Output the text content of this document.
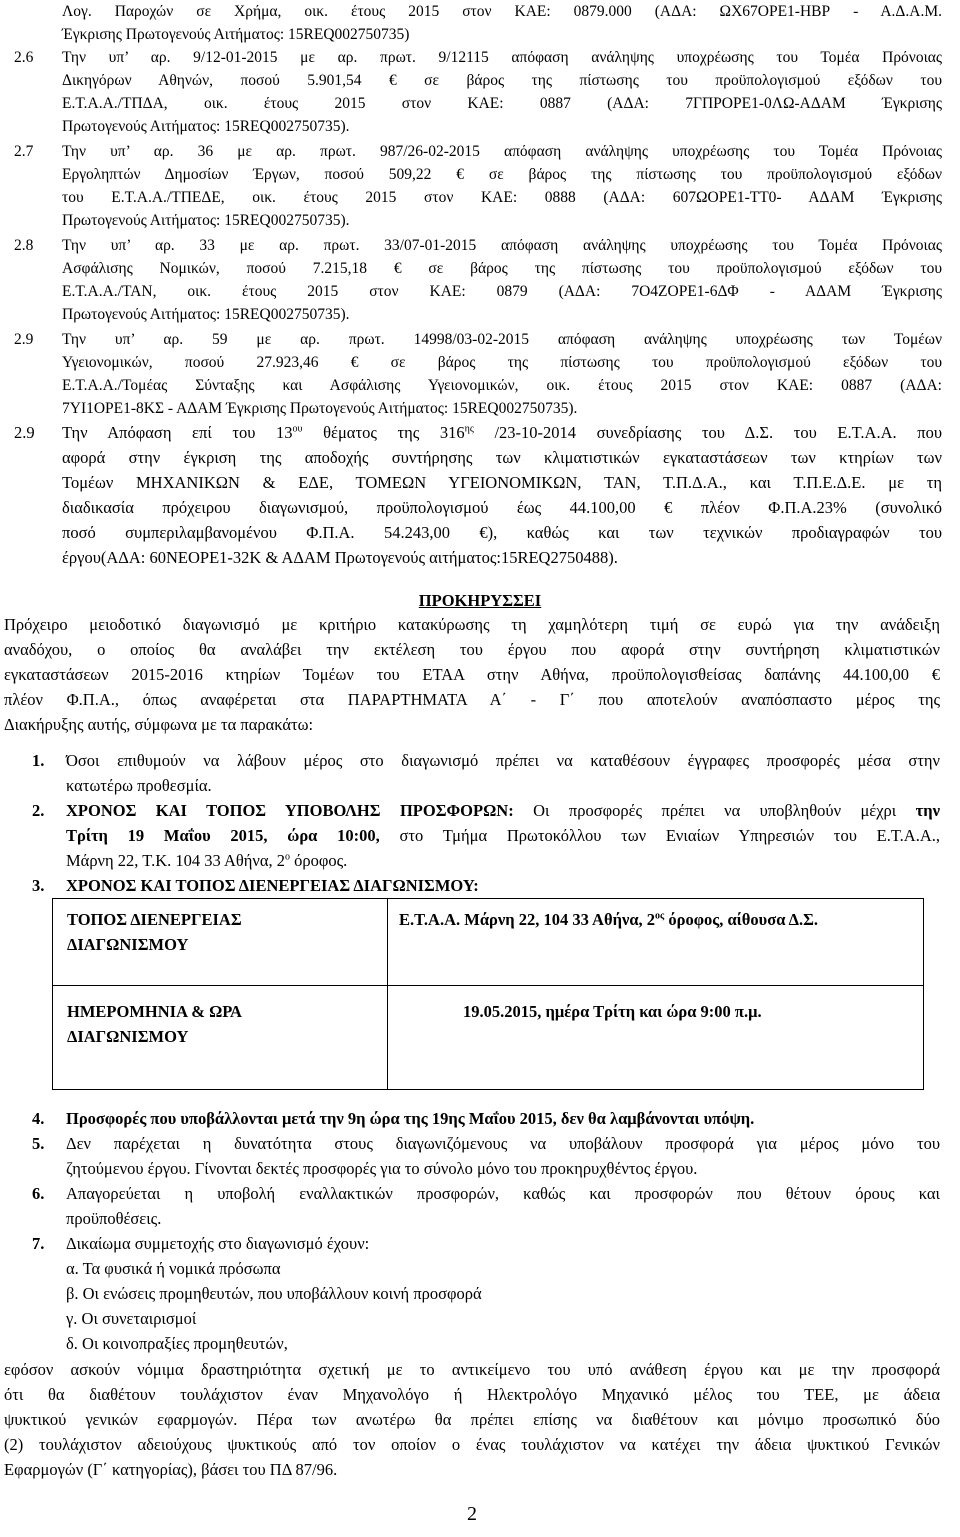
Λογ. Παροχών σε Χρήμα, οικ. έτους 2015 στον ΚΑΕ: 0879.000 (ΑΔΑ: ΩΧ67ΟΡΕ1-ΗΒΡ - Α.Δ.Α.Μ.
Έγκρισης Πρωτογενούς Αιτήματος: 15REQ002750735)
2.6 Την υπ’ αρ. 9/12-01-2015 με αρ. πρωτ. 9/12115 απόφαση ανάληψης υποχρέωσης του Τομέα Πρόνοιας
Δικηγόρων Αθηνών, ποσού 5.901,54 € σε βάρος της πίστωσης του προϋπολογισμού εξόδων του
Ε.Τ.Α.Α./ΤΠΔΑ, οικ. έτους 2015 στον ΚΑΕ: 0887 (ΑΔΑ: 7ΓΠΡΟΡΕ1-0ΛΩ-ΑΔΑΜ Έγκρισης
Πρωτογενούς Αιτήματος: 15REQ002750735).
2.7 Την υπ’ αρ. 36 με αρ. πρωτ. 987/26-02-2015 απόφαση ανάληψης υποχρέωσης του Τομέα Πρόνοιας
Εργοληπτών Δημοσίων Έργων, ποσού 509,22 € σε βάρος της πίστωσης του προϋπολογισμού εξόδων
του Ε.Τ.Α.Α./ΤΠΕΔΕ, οικ. έτους 2015 στον ΚΑΕ: 0888 (ΑΔΑ: 607ΩΟΡΕ1-ΤΤ0- ΑΔΑΜ Έγκρισης
Πρωτογενούς Αιτήματος: 15REQ002750735).
2.8 Την υπ’ αρ. 33 με αρ. πρωτ. 33/07-01-2015 απόφαση ανάληψης υποχρέωσης του Τομέα Πρόνοιας
Ασφάλισης Νομικών, ποσού 7.215,18 € σε βάρος της πίστωσης του προϋπολογισμού εξόδων του
Ε.Τ.Α.Α./ΤΑΝ, οικ. έτους 2015 στον ΚΑΕ: 0879 (ΑΔΑ: 7Ο4ΖΟΡΕ1-6ΔΦ - ΑΔΑΜ Έγκρισης
Πρωτογενούς Αιτήματος: 15REQ002750735).
2.9 Την υπ’ αρ. 59 με αρ. πρωτ. 14998/03-02-2015 απόφαση ανάληψης υποχρέωσης των Τομέων
Υγειονομικών, ποσού 27.923,46 € σε βάρος της πίστωσης του προϋπολογισμού εξόδων του
Ε.Τ.Α.Α./Τομέας Σύνταξης και Ασφάλισης Υγειονομικών, οικ. έτους 2015 στον ΚΑΕ: 0887 (ΑΔΑ:
7ΥΙ1ΟΡΕ1-8ΚΣ - ΑΔΑΜ Έγκρισης Πρωτογενούς Αιτήματος: 15REQ002750735).
2.9 Την Απόφαση επί του $13^{o\upsilon}$ θέματος της $316^{\eta\varsigma}$ /23-10-2014 συνεδρίασης του Δ.Σ. του Ε.Τ.Α.Α. που
αφορά στην έγκριση της αποδοχής συντήρησης των κλιματιστικών εγκαταστάσεων των κτηρίων των
Τομέων ΜΗΧΑΝΙΚΩΝ & ΕΔΕ, ΤΟΜΕΩΝ ΥΓΕΙΟΝΟΜΙΚΩΝ, ΤΑΝ, Τ.Π.Δ.Α., και Τ.Π.Ε.Δ.Ε. με τη
διαδικασία πρόχειρου διαγωνισμού, προϋπολογισμού έως 44.100,00 € πλέον Φ.Π.Α.23% (συνολικό
ποσό συμπεριλαμβανομένου Φ.Π.Α. 54.243,00 €), καθώς και των τεχνικών προδιαγραφών του
έργου(ΑΔΑ: 60ΝΕΟΡΕ1-32Κ & ΑΔΑΜ Πρωτογενούς αιτήματος:15REQ2750488).
ΠΡΟΚΗΡΥΣΣΕΙ
Πρόχειρο μειοδοτικό διαγωνισμό με κριτήριο κατακύρωσης τη χαμηλότερη τιμή σε ευρώ για την ανάδειξη
αναδόχου, ο οποίος θα αναλάβει την εκτέλεση του έργου που αφορά στην συντήρηση κλιματιστικών
εγκαταστάσεων 2015-2016 κτηρίων Τομέων του ΕΤΑΑ στην Αθήνα, προϋπολογισθείσας δαπάνης 44.100,00 €
πλέον Φ.Π.Α., όπως αναφέρεται στα ΠΑΡΑΡΤΗΜΑΤΑ Α΄ - Γ΄ που αποτελούν αναπόσπαστο μέρος της
Διακήρυξης αυτής, σύμφωνα με τα παρακάτω:
1. Όσοι επιθυμούν να λάβουν μέρος στο διαγωνισμό πρέπει να καταθέσουν έγγραφες προσφορές μέσα στην
κατωτέρω προθεσμία.
2. ΧΡΟΝΟΣ ΚΑΙ ΤΟΠΟΣ ΥΠΟΒΟΛΗΣ ΠΡΟΣΦΟΡΩΝ: Οι προσφορές πρέπει να υποβληθούν μέχρι την
Τρίτη 19 Μαΐου 2015, ώρα 10:00, στο Τμήμα Πρωτοκόλλου των Ενιαίων Υπηρεσιών του Ε.Τ.Α.Α.,
Μάρνη 22, Τ.Κ. 104 33 Αθήνα, $2^o$ όροφος.
3. ΧΡΟΝΟΣ ΚΑΙ ΤΟΠΟΣ ΔΙΕΝΕΡΓΕΙΑΣ ΔΙΑΓΩΝΙΣΜΟΥ:
ΤΟΠΟΣ ΔΙΕΝΕΡΓΕΙΑΣ
ΔΙΑΓΩΝΙΣΜΟΥ
Ε.Τ.Α.Α. Μάρνη 22, 104 33 Αθήνα, $2^{o\varsigma}$ όροφος, αίθουσα Δ.Σ.
ΗΜΕΡΟΜΗΝΙΑ & ΩΡΑ
ΔΙΑΓΩΝΙΣΜΟΥ
19.05.2015, ημέρα Τρίτη και ώρα 9:00 π.μ.
4. Προσφορές που υποβάλλονται μετά την 9η ώρα της 19ης Μαΐου 2015, δεν θα λαμβάνονται υπόψη.
5. Δεν παρέχεται η δυνατότητα στους διαγωνιζόμενους να υποβάλουν προσφορά για μέρος μόνο του
ζητούμενου έργου. Γίνονται δεκτές προσφορές για το σύνολο μόνο του προκηρυχθέντος έργου.
6. Απαγορεύεται η υποβολή εναλλακτικών προσφορών, καθώς και προσφορών που θέτουν όρους και
προϋποθέσεις.
7. Δικαίωμα συμμετοχής στο διαγωνισμό έχουν:
α. Τα φυσικά ή νομικά πρόσωπα
β. Οι ενώσεις προμηθευτών, που υποβάλλουν κοινή προσφορά
γ. Οι συνεταιρισμοί
δ. Οι κοινοπραξίες προμηθευτών,
εφόσον ασκούν νόμιμα δραστηριότητα σχετική με το αντικείμενο του υπό ανάθεση έργου και με την προσφορά
ότι θα διαθέτουν τουλάχιστον έναν Μηχανολόγο ή Ηλεκτρολόγο Μηχανικό μέλος του ΤΕΕ, με άδεια
ψυκτικού γενικών εφαρμογών. Πέρα των ανωτέρω θα πρέπει επίσης να διαθέτουν και μόνιμο προσωπικό δύο
(2) τουλάχιστον αδειούχους ψυκτικούς από τον οποίον ο ένας τουλάχιστον να κατέχει την άδεια ψυκτικού Γενικών
Εφαρμογών (Γ΄ κατηγορίας), βάσει του ΠΔ 87/96.
2
